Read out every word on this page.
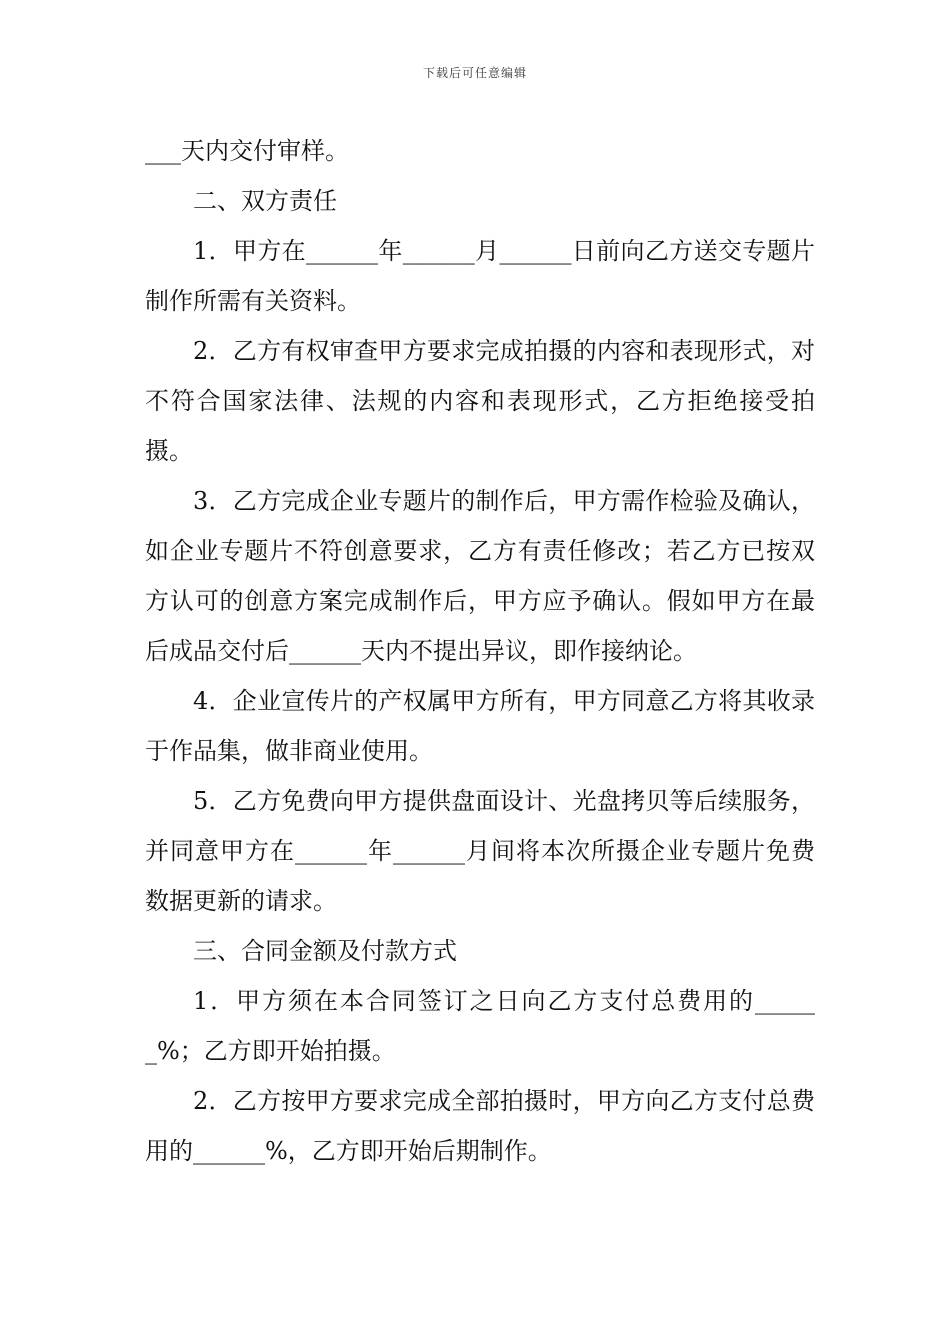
下载后可任意编辑

___天内交付审样。

二、双方责任

1．甲方在______年______月______日前向乙方送交专题片制作所需有关资料。

2．乙方有权审查甲方要求完成拍摄的内容和表现形式，对不符合国家法律、法规的内容和表现形式，乙方拒绝接受拍摄。

3．乙方完成企业专题片的制作后，甲方需作检验及确认，如企业专题片不符创意要求，乙方有责任修改；若乙方已按双方认可的创意方案完成制作后，甲方应予确认。假如甲方在最后成品交付后______天内不提出异议，即作接纳论。

4．企业宣传片的产权属甲方所有，甲方同意乙方将其收录于作品集，做非商业使用。

5．乙方免费向甲方提供盘面设计、光盘拷贝等后续服务，并同意甲方在______年______月间将本次所摄企业专题片免费数据更新的请求。

三、合同金额及付款方式

1．甲方须在本合同签订之日向乙方支付总费用的______%；乙方即开始拍摄。

2．乙方按甲方要求完成全部拍摄时，甲方向乙方支付总费用的______%，乙方即开始后期制作。
